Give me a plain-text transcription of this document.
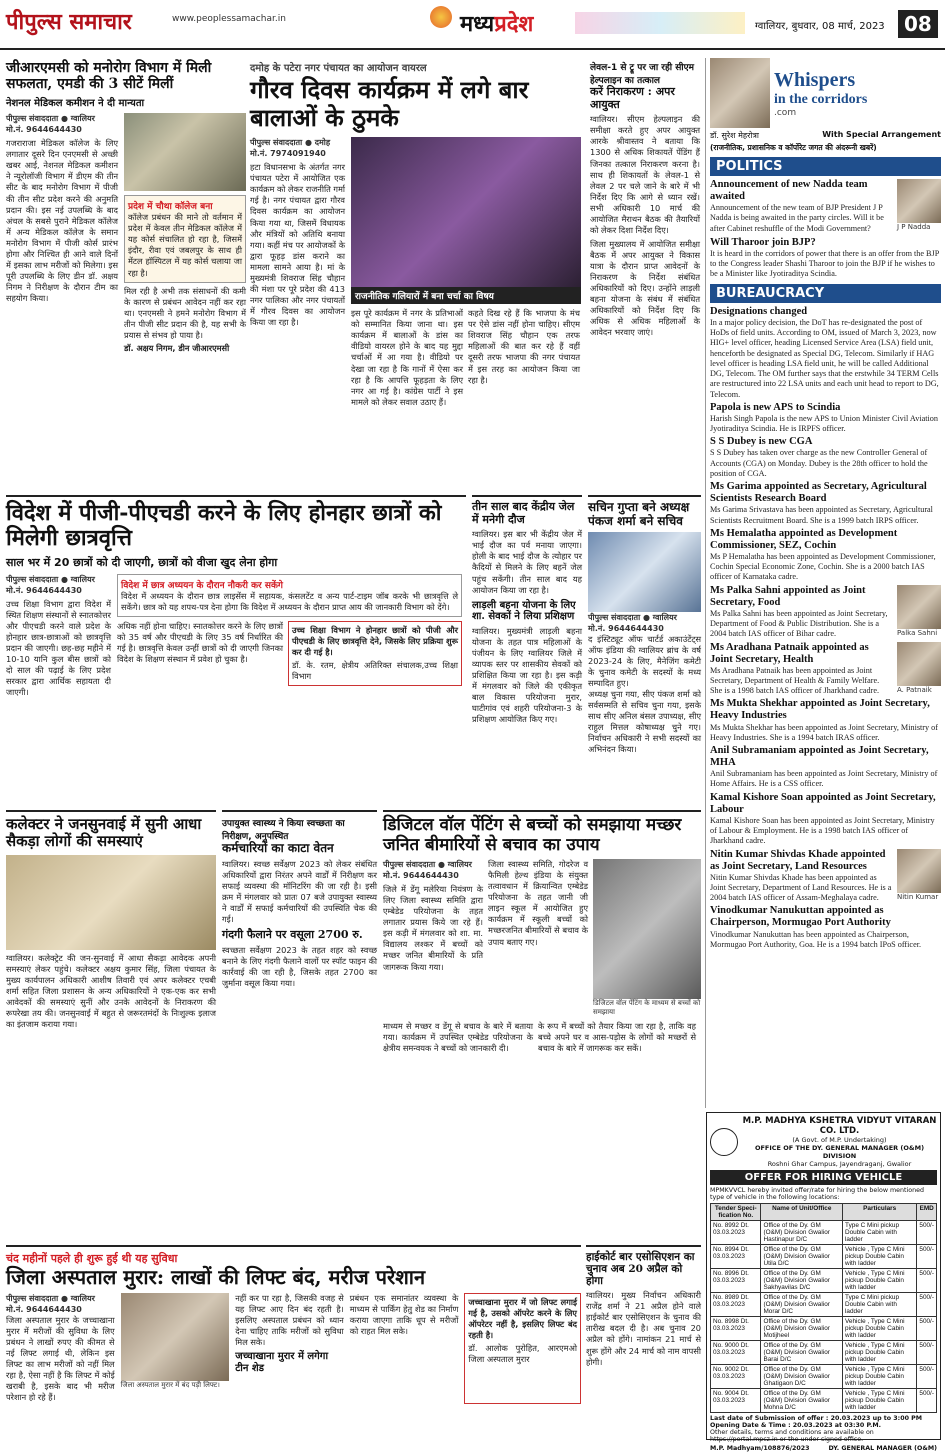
पीपुल्स समाचार	www.peoplessamachar.in	मध्यप्रदेश	ग्वालियर, बुधवार, 08 मार्च, 2023 08
जीआरएमसी को मनोरोग विभाग में मिली सफलता, एमडी की 3 सीटें मिलीं
नेशनल मेडिकल कमीशन ने दी मान्यता
पीपुल्स संवाददाता ● ग्वालियर
मो.नं. 9644644430
गजराराजा मेडिकल कॉलेज के लिए लगातार दूसरे दिन एनएमसी से अच्छी खबर आई, नेशनल मेडिकल कमीशन ने न्यूरोलॉजी विभाग में डीएम की तीन सीट के बाद मनोरोग विभाग में पीजी की तीन सीट प्रदेश करने की अनुमति प्रदान की। इस नई उपलब्धि के बाद अंचल के सबसे पुराने मेडिकल कॉलेज में अन्य मेडिकल कॉलेज के समान मनोरोग विभाग में पीजी कोर्स प्रारंभ होगा और निश्चित ही आने वाले दिनों में इसका लाभ मरीजों को मिलेगा। इस पूरी उपलब्धि के लिए डीन डॉ. अक्षय निगम ने निरीक्षण के दौरान टीम का सहयोग किया।
प्रदेश में चौथा कॉलेज बना
कॉलेज प्रबंधन की माने तो वर्तमान में प्रदेश में केवल तीन मेडिकल कॉलेज में यह कोर्स संचालित हो रहा है, जिसमें इंदौर, रीवा एवं जबलपुर के साथ ही मेंटल हॉस्पिटल में यह कोर्स चलाया जा रहा है।
मिल रही है अभी तक संसाधनों की कमी के कारण से प्रबंधन आवेदन नहीं कर रहा था। एनएमसी ने हमने मनोरोग विभाग में तीन पीजी सीट प्रदान की है, यह सभी के प्रयास से संभव हो पाया है।
डॉ. अक्षय निगम, डीन जीआरएमसी
दमोह के पटेरा नगर पंचायत का आयोजन वायरल
गौरव दिवस कार्यक्रम में लगे बार बालाओं के ठुमके
पीपुल्स संवाददाता ● दमोह
मो.नं. 7974091940
हटा विधानसभा के अंतर्गत नगर पंचायत पटेरा में आयोजित एक कार्यक्रम को लेकर राजनीति गर्मा गई है। नगर पंचायत द्वारा गौरव दिवस कार्यक्रम का आयोजन किया गया था, जिसमें विधायक और मंत्रियों को अतिथि बनाया गया। कहीं मंच पर आयोजकों के द्वारा फूहड़ डांस कराने का मामला सामने आया है। मां के मुख्यमंत्री शिवराज सिंह चौहान की मंशा पर पूरे प्रदेश की 413 नगर पालिका और नगर पंचायतों में गौरव दिवस का आयोजन किया जा रहा है।
राजनीतिक गलियारों में बना चर्चा का विषय
इस पूरे कार्यक्रम में नगर के प्रतिभाओं को सम्मानित किया जाना था। इस कार्यक्रम में बालाओं के डांस का वीडियो वायरल होने के बाद यह मुद्दा चर्चाओं में आ गया है। वीडियो पर देखा जा रहा है कि गानों में ऐसा कर रहा है कि आपत्ति फूहड़ता के लिए नगर आ गई है। कांग्रेस पार्टी ने इस मामले को लेकर सवाल उठाए हैं।
कहते दिख रहे हैं कि भाजपा के मंच पर ऐसे डांस नहीं होना चाहिए। सीएम शिवराज सिंह चौहान एक तरफ महिलाओं की बात कर रहे हैं वहीं दूसरी तरफ भाजपा की नगर पंचायत में इस तरह का आयोजन किया जा रहा है।
लेवल-1 से ट्रू पर जा रही सीएम हेल्पलाइन का तत्काल
करें निराकरण : अपर आयुक्त
ग्वालियर। सीएम हेल्पलाइन की समीक्षा करते हुए अपर आयुक्त आरके श्रीवास्तव ने बताया कि 1300 से अधिक शिकायतें पेंडिंग हैं जिनका तत्काल निराकरण करना है। साथ ही शिकायतों के लेवल-1 से लेवल 2 पर चले जाने के बारे में भी निर्देश दिए कि आगे से ध्यान रखें। सभी अधिकारी 10 मार्च की आयोजित मैराथन बैठक की तैयारियों को लेकर दिशा निर्देश दिए।
जिला मुख्यालय में आयोजित समीक्षा बैठक में अपर आयुक्त ने विकास यात्रा के दौरान प्राप्त आवेदनों के निराकरण के निर्देश संबंधित अधिकारियों को दिए। उन्होंने लाड़ली बहना योजना के संबंध में संबंधित अधिकारियों को निर्देश दिए कि अधिक से अधिक महिलाओं के आवेदन भरवाए जाएं।
Whispers
in the corridors
.com
डॉ. सुरेश मेहरोत्रा	With Special Arrangement
(राजनीतिक, प्रशासनिक व कॉर्पोरेट जगत की अंदरूनी खबरें)
POLITICS
Announcement of new Nadda team awaited
Announcement of the new team of BJP President J P Nadda is being awaited in the party circles. Will it be after Cabinet reshuffle of the Modi Government?	J P Nadda
Will Tharoor join BJP?
It is heard in the corridors of power that there is an offer from the BJP to the Congress leader Shashi Tharoor to join the BJP if he wishes to be a Minister like Jyotiraditya Scindia.
BUREAUCRACY
Designations changed
In a major policy decision, the DoT has re-designated the post of HoDs of field units. According to OM, issued of March 3, 2023, now HIG+ level officer, heading Licensed Service Area (LSA) field unit, henceforth be designated as Special DG, Telecom. Similarly if HAG level officer is heading LSA field unit, he will be called Additional DG, Telecom. The OM further says that the erstwhile 34 TERM Cells are restructured into 22 LSA units and each unit head to report to DG, Telecom.
Papola is new APS to Scindia
Harish Singh Papola is the new APS to Union Minister Civil Aviation Jyotiraditya Scindia. He is IRPFS officer.
S S Dubey is new CGA
S S Dubey has taken over charge as the new Controller General of Accounts (CGA) on Monday. Dubey is the 28th officer to hold the position of CGA.
Ms Garima appointed as Secretary, Agricultural Scientists Research Board
Ms Garima Srivastava has been appointed as Secretary, Agricultural Scientists Recruitment Board. She is a 1999 batch IRPS officer.
Ms Hemalatha appointed as Development Commissioner, SEZ, Cochin
Ms P Hemalatha has been appointed as Development Commissioner, Cochin Special Economic Zone, Cochin. She is a 2000 batch IAS officer of Karnataka cadre.
Ms Palka Sahni appointed as Joint Secretary, Food
Ms Palka Sahni has been appointed as Joint Secretary, Department of Food & Public Distribution. She is a 2004 batch IAS officer of Bihar cadre.	Palka Sahni
Ms Aradhana Patnaik appointed as Joint Secretary, Health
Ms Aradhana Patnaik has been appointed as Joint Secretary, Department of Health & Family Welfare. She is a 1998 batch IAS officer of Jharkhand cadre.	A. Patnaik
Ms Mukta Shekhar appointed as Joint Secretary, Heavy Industries
Ms Mukta Shekhar has been appointed as Joint Secretary, Ministry of Heavy Industries. She is a 1994 batch IRAS officer.
Anil Subramaniam appointed as Joint Secretary, MHA
Anil Subramaniam has been appointed as Joint Secretary, Ministry of Home Affairs. He is a CSS officer.
Kamal Kishore Soan appointed as Joint Secretary, Labour
Kamal Kishore Soan has been appointed as Joint Secretary, Ministry of Labour & Employment. He is a 1998 batch IAS officer of Jharkhand cadre.
Nitin Kumar Shivdas Khade appointed as Joint Secretary, Land Resources
Nitin Kumar Shivdas Khade has been appointed as Joint Secretary, Department of Land Resources. He is a 2004 batch IAS officer of Assam-Meghalaya cadre.	Nitin Kumar
Vinodkumar Nanukuttan appointed as Chairperson, Mormugao Port Authority
Vinodkumar Nanukuttan has been appointed as Chairperson, Mormugao Port Authority, Goa. He is a 1994 batch IPoS officer.
विदेश में पीजी-पीएचडी करने के लिए होनहार छात्रों को मिलेगी छात्रवृत्ति
साल भर में 20 छात्रों को दी जाएगी, छात्रों को वीजा खुद लेना होगा
पीपुल्स संवाददाता ● ग्वालियर
मो.नं. 9644644430
उच्च शिक्षा विभाग द्वारा विदेश में स्थित शिक्षण संस्थानों से स्नातकोत्तर और पीएचडी करने वाले प्रदेश के होनहार छात्र-छात्राओं को छात्रवृत्ति प्रदान की जाएगी। छह-छह महीने में 10-10 यानि कुल बीस छात्रों को दो साल की पढ़ाई के लिए प्रदेश सरकार द्वारा आर्थिक सहायता दी जाएगी।
विदेश में छात्र अध्ययन के दौरान नौकरी कर सकेंगे
विदेश में अध्ययन के दौरान छात्र लाइसेंस में सहायक, कंसलटेंट व अन्य पार्ट-टाइम जॉब करके भी छात्रवृत्ति ले सकेंगे। छात्र को यह शपथ-पत्र देना होगा कि विदेश में अध्ययन के दौरान प्राप्त आय की जानकारी विभाग को देंगे।
अधिक नहीं होना चाहिए। स्नातकोत्तर करने के लिए छात्रों को 35 वर्ष और पीएचडी के लिए 35 वर्ष निर्धारित की गई है। छात्रवृत्ति केवल उन्हीं छात्रों को दी जाएगी जिनका विदेश के शिक्षण संस्थान में प्रवेश हो चुका है।
उच्च शिक्षा विभाग ने होनहार छात्रों को पीजी और पीएचडी के लिए छात्रवृत्ति देने, जिसके लिए प्रक्रिया शुरू कर दी गई है।
डॉ. के. रतम, क्षेत्रीय अतिरिक्त संचालक,उच्च शिक्षा विभाग
तीन साल बाद केंद्रीय जेल में मनेगी दौज
ग्वालियर। इस बार भी केंद्रीय जेल में भाई दौज का पर्व मनाया जाएगा। होली के बाद भाई दौज के त्योहार पर कैदियों से मिलने के लिए बहनें जेल पहुंच सकेंगी। तीन साल बाद यह आयोजन किया जा रहा है।
लाड़ली बहना योजना के लिए शा. सेवकों ने लिया प्रशिक्षण
ग्वालियर। मुख्यमंत्री लाड़ली बहना योजना के तहत पात्र महिलाओं के पंजीयन के लिए ग्वालियर जिले में व्यापक स्तर पर शासकीय सेवकों को प्रशिक्षित किया जा रहा है। इस कड़ी में मंगलवार को जिले की एकीकृत बाल विकास परियोजना मुरार, घाटीगांव एवं शहरी परियोजना-3 के प्रशिक्षण आयोजित किए गए।
सचिन गुप्ता बने अध्यक्ष पंकज शर्मा बने सचिव
पीपुल्स संवाददाता ● ग्वालियर
मो.नं. 9644644430
द इंस्टिट्यूट ऑफ चार्टर्ड अकाउंटेंट्स ऑफ इंडिया की ग्वालियर ब्रांच के वर्ष 2023-24 के लिए, मैनेजिंग कमेटी के चुनाव कमेटी के सदस्यों के मध्य सम्पादित हुए।
अध्यक्ष चुना गया, सीए पंकज शर्मा को सर्वसम्मति से सचिव चुना गया, इसके साथ सीए अनिल बंसल उपाध्यक्ष, सीए राहुल मित्तल कोषाध्यक्ष चुने गए। निर्वाचन अधिकारी ने सभी सदस्यों का अभिनंदन किया।
कलेक्टर ने जनसुनवाई में सुनी आधा सैकड़ा लोगों की समस्याएं
ग्वालियर। कलेक्ट्रेट की जन-सुनवाई में आधा सैकड़ा आवेदक अपनी समस्याएं लेकर पहुंचे। कलेक्टर अक्षय कुमार सिंह, जिला पंचायत के मुख्य कार्यपालन अधिकारी आशीष तिवारी एवं अपर कलेक्टर एचबी शर्मा सहित जिला प्रशासन के अन्य अधिकारियों ने एक-एक कर सभी आवेदकों की समस्याएं सुनीं और उनके आवेदनों के निराकरण की रूपरेखा तय की। जनसुनवाई में बहुत से जरूरतमंदों के निःशुल्क इलाज का इंतजाम कराया गया।
उपायुक्त स्वास्थ्य ने किया स्वच्छता का निरीक्षण, अनुपस्थित
कर्मचारियों का काटा वेतन
ग्वालियर। स्वच्छ सर्वेक्षण 2023 को लेकर संबंधित अधिकारियों द्वारा निरंतर अपने वार्डों में निरीक्षण कर सफाई व्यवस्था की मॉनिटरिंग की जा रही है। इसी क्रम में मंगलवार को प्रातः 07 बजे उपायुक्त स्वास्थ्य ने वार्डों में सफाई कर्मचारियों की उपस्थिति चेक की गई।
गंदगी फैलाने पर वसूला 2700 रु.
स्वच्छता सर्वेक्षण 2023 के तहत शहर को स्वच्छ बनाने के लिए गंदगी फैलाने वालों पर स्पॉट फाइन की कार्रवाई की जा रही है, जिसके तहत 2700 का जुर्माना वसूल किया गया।
डिजिटल वॉल पेंटिंग से बच्चों को समझाया मच्छर जनित बीमारियों से बचाव का उपाय
पीपुल्स संवाददाता ● ग्वालियर
मो.नं. 9644644430
जिले में डेंगू मलेरिया नियंत्रण के लिए जिला स्वास्थ्य समिति द्वारा एम्बेडेड परियोजना के तहत लगातार प्रयास किये जा रहे हैं। इस कड़ी में मंगलवार को शा. मा. विद्यालय लश्कर में बच्चों को मच्छर जनित बीमारियों के प्रति जागरूक किया गया।
जिला स्वास्थ्य समिति, गोदरेज व फैमिली हेल्थ इंडिया के संयुक्त तत्वावधान में क्रियान्वित एम्बेडेड परियोजना के तहत जानी जी लाइन स्कूल में आयोजित हुए कार्यक्रम में स्कूली बच्चों को मच्छरजनित बीमारियों से बचाव के उपाय बताए गए।
डिजिटल वॉल पेंटिंग के माध्यम से बच्चों को समझाया
माध्यम से मच्छर व डेंगू से बचाव के बारे में बताया गया। कार्यक्रम में उपस्थित एम्बेडेड परियोजना के क्षेत्रीय समन्वयक ने बच्चों को जानकारी दी।
के रूप में बच्चों को तैयार किया जा रहा है, ताकि वह बच्चे अपने घर व आस-पड़ोस के लोगों को मच्छरों से बचाव के बारे में जागरूक कर सकें।
चंद महीनों पहले ही शुरू हुई थी यह सुविधा
जिला अस्पताल मुरार: लाखों की लिफ्ट बंद, मरीज परेशान
पीपुल्स संवाददाता ● ग्वालियर
मो.नं. 9644644430
जिला अस्पताल मुरार के जच्चाखाना मुरार में मरीजों की सुविधा के लिए प्रबंधन ने लाखों रुपए की कीमत से नई लिफ्ट लगाई थी, लेकिन इस लिफ्ट का लाभ मरीजों को नहीं मिल रहा है, ऐसा नहीं है कि लिफ्ट में कोई खराबी है, इसके बाद भी मरीज परेशान हो रहे हैं।
जिला अस्पताल मुरार में बंद पड़ी लिफ्ट।
नहीं कर पा रहा है, जिसकी वजह से यह लिफ्ट आए दिन बंद रहती है। इसलिए अस्पताल प्रबंधन को ध्यान देना चाहिए ताकि मरीजों को सुविधा मिल सके।
जच्चाखाना मुरार में लगेगा टीन शेड
प्रबंधन एक समानांतर व्यवस्था के माध्यम से पार्किंग हेतु शेड का निर्माण कराया जाएगा ताकि धूप से मरीजों को राहत मिल सके।
जच्चाखाना मुरार में जो लिफ्ट लगाई गई है, उसको ऑपरेट करने के लिए ऑपरेटर नहीं है, इसलिए लिफ्ट बंद रहती है।
डॉ. आलोक पुरोहित, आरएमओ जिला अस्पताल मुरार
हाईकोर्ट बार एसोसिएशन का चुनाव अब 20 अप्रैल को होगा
ग्वालियर। मुख्य निर्वाचन अधिकारी राजेंद्र शर्मा ने 21 अप्रैल होने वाले हाईकोर्ट बार एसोसिएशन के चुनाव की तारीख बदल दी है। अब चुनाव 20 अप्रैल को होंगे। नामांकन 21 मार्च से शुरू होंगे और 24 मार्च को नाम वापसी होगी।
M.P. MADHYA KSHETRA VIDYUT VITARAN CO. LTD.
(A Govt. of M.P. Undertaking)
OFFICE OF THE DY. GENERAL MANAGER (O&M) DIVISION
Roshni Ghar Campus, Jayendraganj, Gwalior
OFFER FOR HIRING VEHICLE
MPMKVVCL hereby invited offer/rate for hiring the below mentioned type of vehicle in the following locations:
Tender Speci-fication No.	Name of Unit/Office	Particulars	EMD
No. 8992 Dt. 03.03.2023	Office of the Dy. GM (O&M) Division Gwalior Hastinapur D/C	Type C Mini pickup Double Cabin with ladder	500/-
No. 8994 Dt. 03.03.2023	Office of the Dy. GM (O&M) Division Gwalior Utila D/C	Vehicle , Type C Mini pickup Double Cabin with ladder	500/-
No. 8996 Dt. 03.03.2023	Office of the Dy. GM (O&M) Division Gwalior Sakhyavilas D/C	Vehicle , Type C Mini pickup Double Cabin with ladder	500/-
No. 8989 Dt. 03.03.2023	Office of the Dy. GM (O&M) Division Gwalior Morar D/C	Type C Mini pickup Double Cabin with ladder	500/-
No. 8998 Dt. 03.03.2023	Office of the Dy. GM (O&M) Division Gwalior Motijheel	Vehicle , Type C Mini pickup Double Cabin with ladder	500/-
No. 9000 Dt. 03.03.2023	Office of the Dy. GM (O&M) Division Gwalior Barai D/C	Vehicle , Type C Mini pickup Double Cabin with ladder	500/-
No. 9002 Dt. 03.03.2023	Office of the Dy. GM (O&M) Division Gwalior Ghatigaon D/C	Vehicle , Type C Mini pickup Double Cabin with ladder	500/-
No. 9004 Dt. 03.03.2023	Office of the Dy. GM (O&M) Division Gwalior Mohna D/C	Vehicle , Type C Mini pickup Double Cabin with ladder	500/-
Last date of Submission of offer : 20.03.2023 up to 3:00 PM
Opening Date & Time : 20.03.2023 at 03:30 P.M.
Other details, terms and conditions are available on https://portal.mpcz.in or the under signed office.
M.P. Madhyam/108876/2023	DY. GENERAL MANAGER (O&M)
